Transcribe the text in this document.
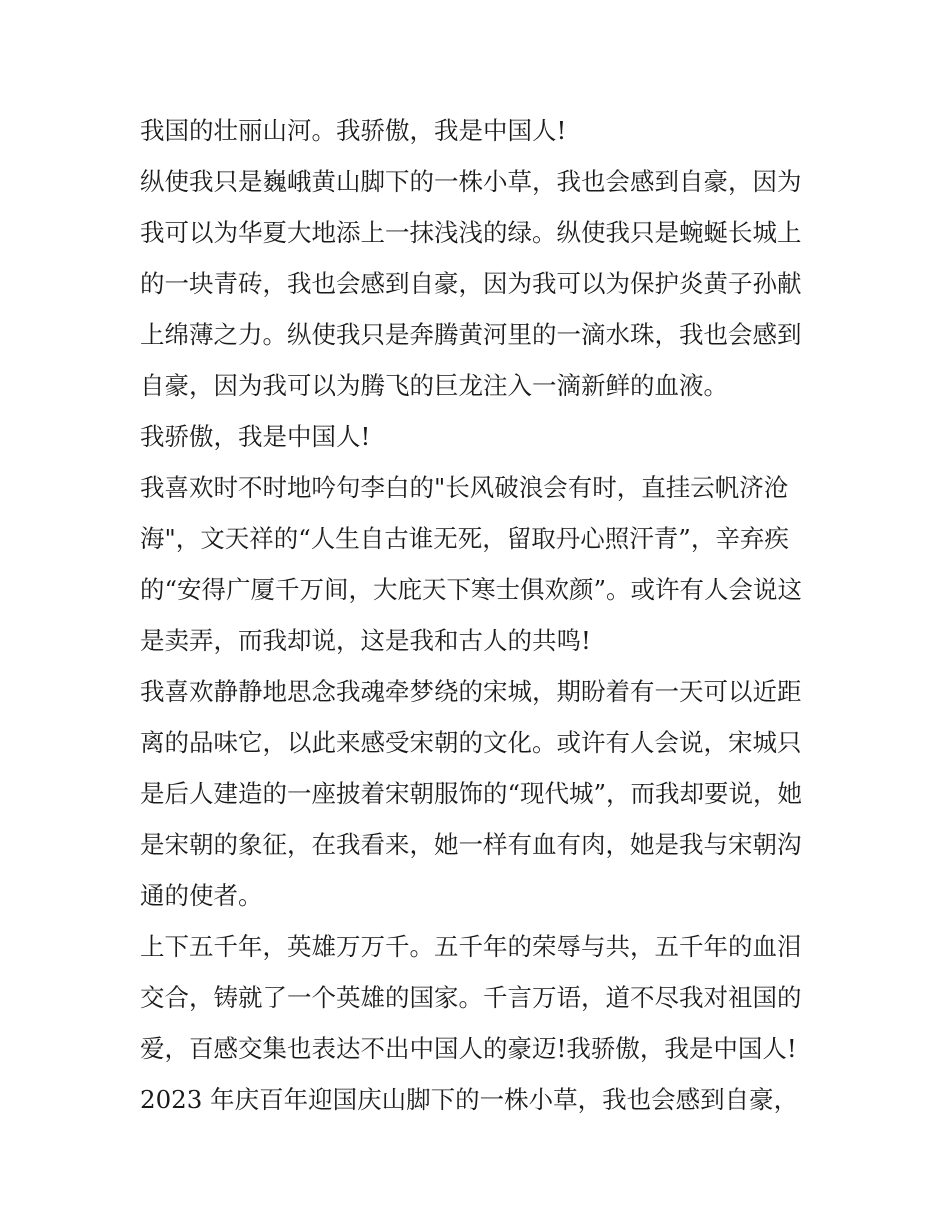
我国的壮丽山河。我骄傲，我是中国人!
纵使我只是巍峨黄山脚下的一株小草，我也会感到自豪，因为
我可以为华夏大地添上一抹浅浅的绿。纵使我只是蜿蜒长城上
的一块青砖，我也会感到自豪，因为我可以为保护炎黄子孙献
上绵薄之力。纵使我只是奔腾黄河里的一滴水珠，我也会感到
自豪，因为我可以为腾飞的巨龙注入一滴新鲜的血液。
我骄傲，我是中国人!
我喜欢时不时地吟句李白的"长风破浪会有时，直挂云帆济沧
海"，文天祥的“人生自古谁无死，留取丹心照汗青”，辛弃疾
的“安得广厦千万间，大庇天下寒士俱欢颜”。或许有人会说这
是卖弄，而我却说，这是我和古人的共鸣!
我喜欢静静地思念我魂牵梦绕的宋城，期盼着有一天可以近距
离的品味它，以此来感受宋朝的文化。或许有人会说，宋城只
是后人建造的一座披着宋朝服饰的“现代城”，而我却要说，她
是宋朝的象征，在我看来，她一样有血有肉，她是我与宋朝沟
通的使者。
上下五千年，英雄万万千。五千年的荣辱与共，五千年的血泪
交合，铸就了一个英雄的国家。千言万语，道不尽我对祖国的
爱，百感交集也表达不出中国人的豪迈!我骄傲，我是中国人!
2023 年庆百年迎国庆山脚下的一株小草，我也会感到自豪，
